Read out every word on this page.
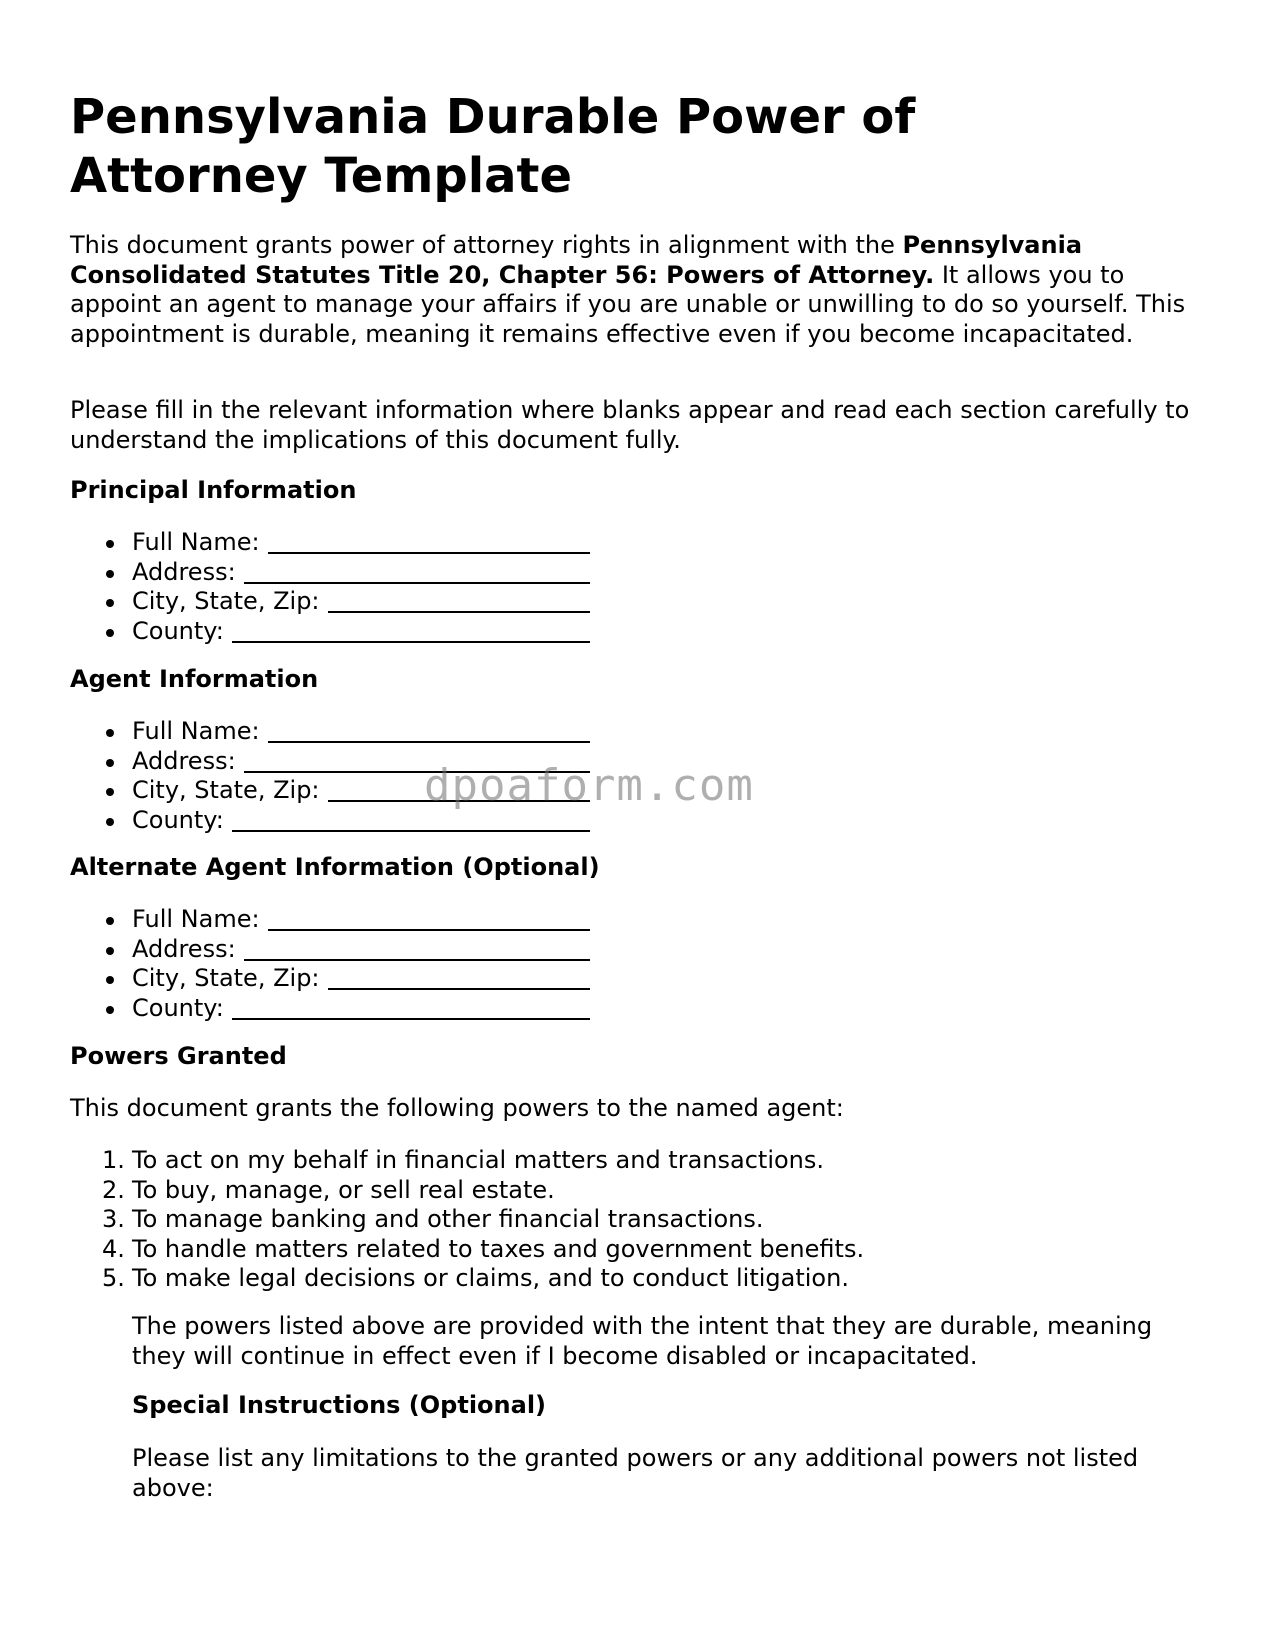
Pennsylvania Durable Power of Attorney Template

This document grants power of attorney rights in alignment with the Pennsylvania Consolidated Statutes Title 20, Chapter 56: Powers of Attorney. It allows you to appoint an agent to manage your affairs if you are unable or unwilling to do so yourself. This appointment is durable, meaning it remains effective even if you become incapacitated.

Please fill in the relevant information where blanks appear and read each section carefully to understand the implications of this document fully.

Principal Information

Full Name:
Address:
City, State, Zip:
County:

Agent Information

Full Name:
Address:
City, State, Zip:
County:

Alternate Agent Information (Optional)

Full Name:
Address:
City, State, Zip:
County:

Powers Granted

This document grants the following powers to the named agent:

1. To act on my behalf in financial matters and transactions.
2. To buy, manage, or sell real estate.
3. To manage banking and other financial transactions.
4. To handle matters related to taxes and government benefits.
5. To make legal decisions or claims, and to conduct litigation.

The powers listed above are provided with the intent that they are durable, meaning they will continue in effect even if I become disabled or incapacitated.

Special Instructions (Optional)

Please list any limitations to the granted powers or any additional powers not listed above:

dpoaform.com
